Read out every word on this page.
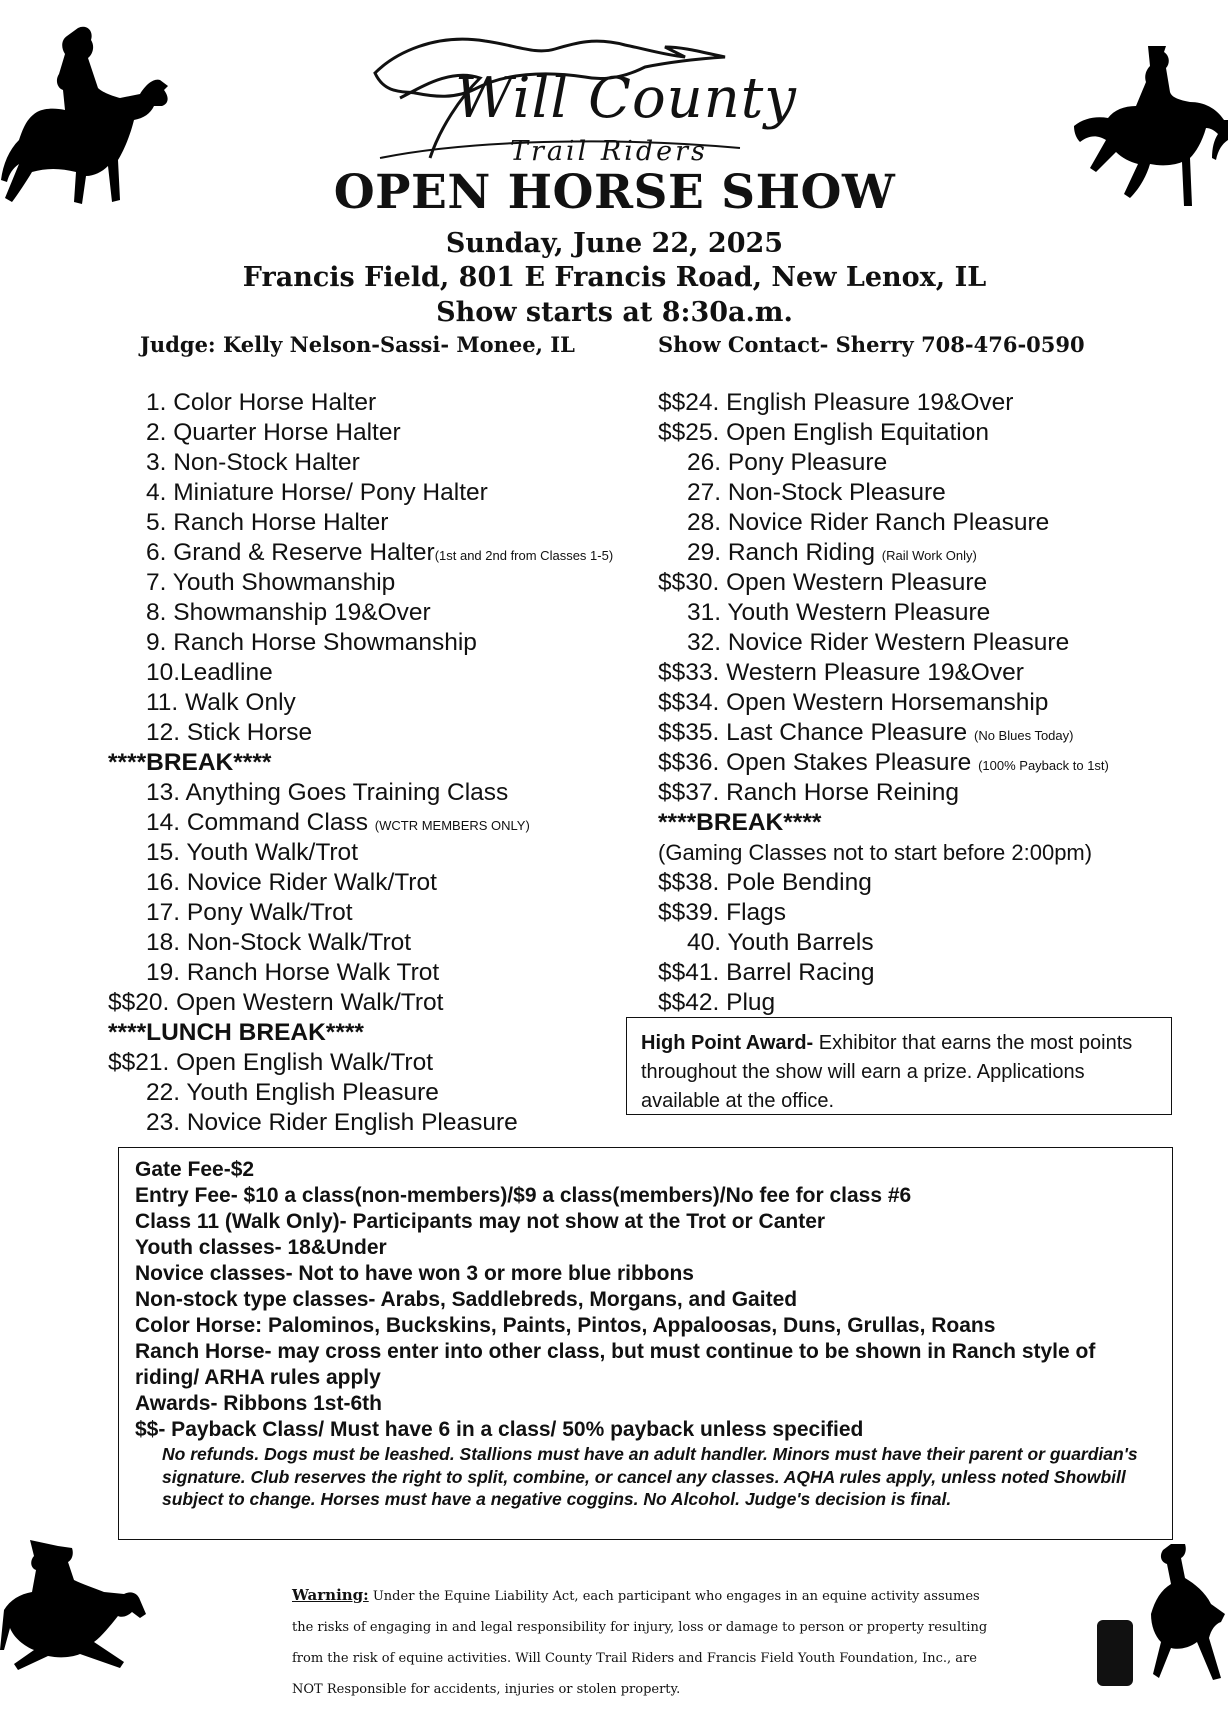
Will County
Trail Riders
OPEN HORSE SHOW
Sunday, June 22, 2025
Francis Field, 801 E Francis Road, New Lenox, IL
Show starts at 8:30a.m.
Judge: Kelly Nelson-Sassi- Monee, IL	Show Contact- Sherry 708-476-0590
1. Color Horse Halter
2. Quarter Horse Halter
3. Non-Stock Halter
4. Miniature Horse/ Pony Halter
5. Ranch Horse Halter
6. Grand & Reserve Halter(1st and 2nd from Classes 1-5)
7. Youth Showmanship
8. Showmanship 19&Over
9. Ranch Horse Showmanship
10.Leadline
11. Walk Only
12. Stick Horse
****BREAK****
13. Anything Goes Training Class
14. Command Class (WCTR MEMBERS ONLY)
15. Youth Walk/Trot
16. Novice Rider Walk/Trot
17. Pony Walk/Trot
18. Non-Stock Walk/Trot
19. Ranch Horse Walk Trot
$$20. Open Western Walk/Trot
****LUNCH BREAK****
$$21. Open English Walk/Trot
22. Youth English Pleasure
23. Novice Rider English Pleasure
$$24. English Pleasure 19&Over
$$25. Open English Equitation
26. Pony Pleasure
27. Non-Stock Pleasure
28. Novice Rider Ranch Pleasure
29. Ranch Riding (Rail Work Only)
$$30. Open Western Pleasure
31. Youth Western Pleasure
32. Novice Rider Western Pleasure
$$33. Western Pleasure 19&Over
$$34. Open Western Horsemanship
$$35. Last Chance Pleasure (No Blues Today)
$$36. Open Stakes Pleasure (100% Payback to 1st)
$$37. Ranch Horse Reining
****BREAK****
(Gaming Classes not to start before 2:00pm)
$$38. Pole Bending
$$39. Flags
40. Youth Barrels
$$41. Barrel Racing
$$42. Plug
High Point Award- Exhibitor that earns the most points throughout the show will earn a prize. Applications available at the office.
Gate Fee-$2
Entry Fee- $10 a class(non-members)/$9 a class(members)/No fee for class #6
Class 11 (Walk Only)- Participants may not show at the Trot or Canter
Youth classes- 18&Under
Novice classes- Not to have won 3 or more blue ribbons
Non-stock type classes- Arabs, Saddlebreds, Morgans, and Gaited
Color Horse: Palominos, Buckskins, Paints, Pintos, Appaloosas, Duns, Grullas, Roans
Ranch Horse- may cross enter into other class, but must continue to be shown in Ranch style of riding/ ARHA rules apply
Awards- Ribbons 1st-6th
$$- Payback Class/ Must have 6 in a class/ 50% payback unless specified
No refunds. Dogs must be leashed. Stallions must have an adult handler. Minors must have their parent or guardian's signature. Club reserves the right to split, combine, or cancel any classes. AQHA rules apply, unless noted Showbill subject to change. Horses must have a negative coggins. No Alcohol. Judge's decision is final.
Warning: Under the Equine Liability Act, each participant who engages in an equine activity assumes the risks of engaging in and legal responsibility for injury, loss or damage to person or property resulting from the risk of equine activities. Will County Trail Riders and Francis Field Youth Foundation, Inc., are NOT Responsible for accidents, injuries or stolen property.
